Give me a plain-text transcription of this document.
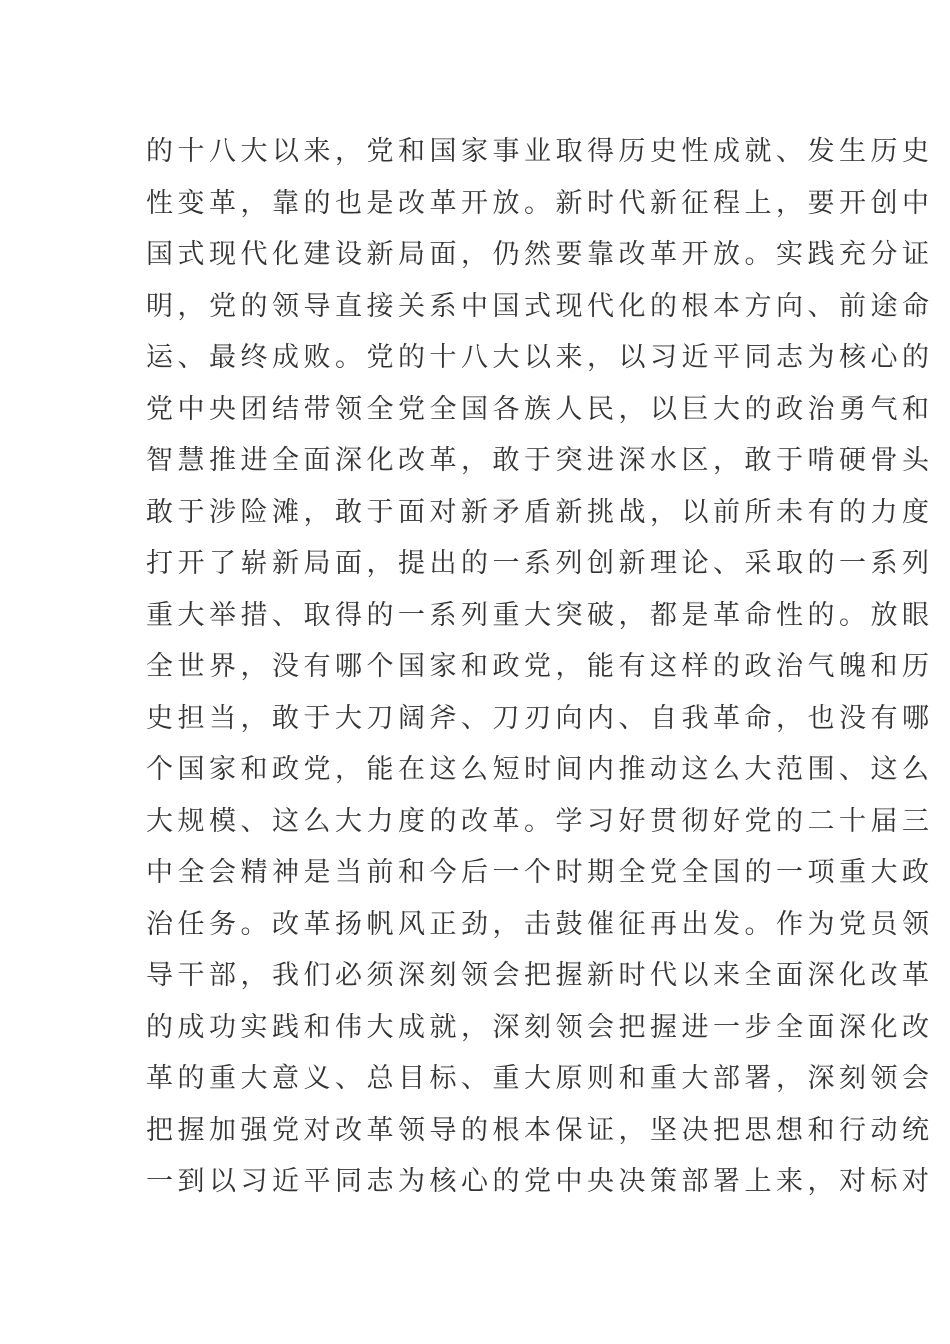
的十八大以来，党和国家事业取得历史性成就、发生历史
性变革，靠的也是改革开放。新时代新征程上，要开创中
国式现代化建设新局面，仍然要靠改革开放。实践充分证
明，党的领导直接关系中国式现代化的根本方向、前途命
运、最终成败。党的十八大以来，以习近平同志为核心的
党中央团结带领全党全国各族人民，以巨大的政治勇气和
智慧推进全面深化改革，敢于突进深水区，敢于啃硬骨头
敢于涉险滩，敢于面对新矛盾新挑战，以前所未有的力度
打开了崭新局面，提出的一系列创新理论、采取的一系列
重大举措、取得的一系列重大突破，都是革命性的。放眼
全世界，没有哪个国家和政党，能有这样的政治气魄和历
史担当，敢于大刀阔斧、刀刃向内、自我革命，也没有哪
个国家和政党，能在这么短时间内推动这么大范围、这么
大规模、这么大力度的改革。学习好贯彻好党的二十届三
中全会精神是当前和今后一个时期全党全国的一项重大政
治任务。改革扬帆风正劲，击鼓催征再出发。作为党员领
导干部，我们必须深刻领会把握新时代以来全面深化改革
的成功实践和伟大成就，深刻领会把握进一步全面深化改
革的重大意义、总目标、重大原则和重大部署，深刻领会
把握加强党对改革领导的根本保证，坚决把思想和行动统
一到以习近平同志为核心的党中央决策部署上来，对标对
